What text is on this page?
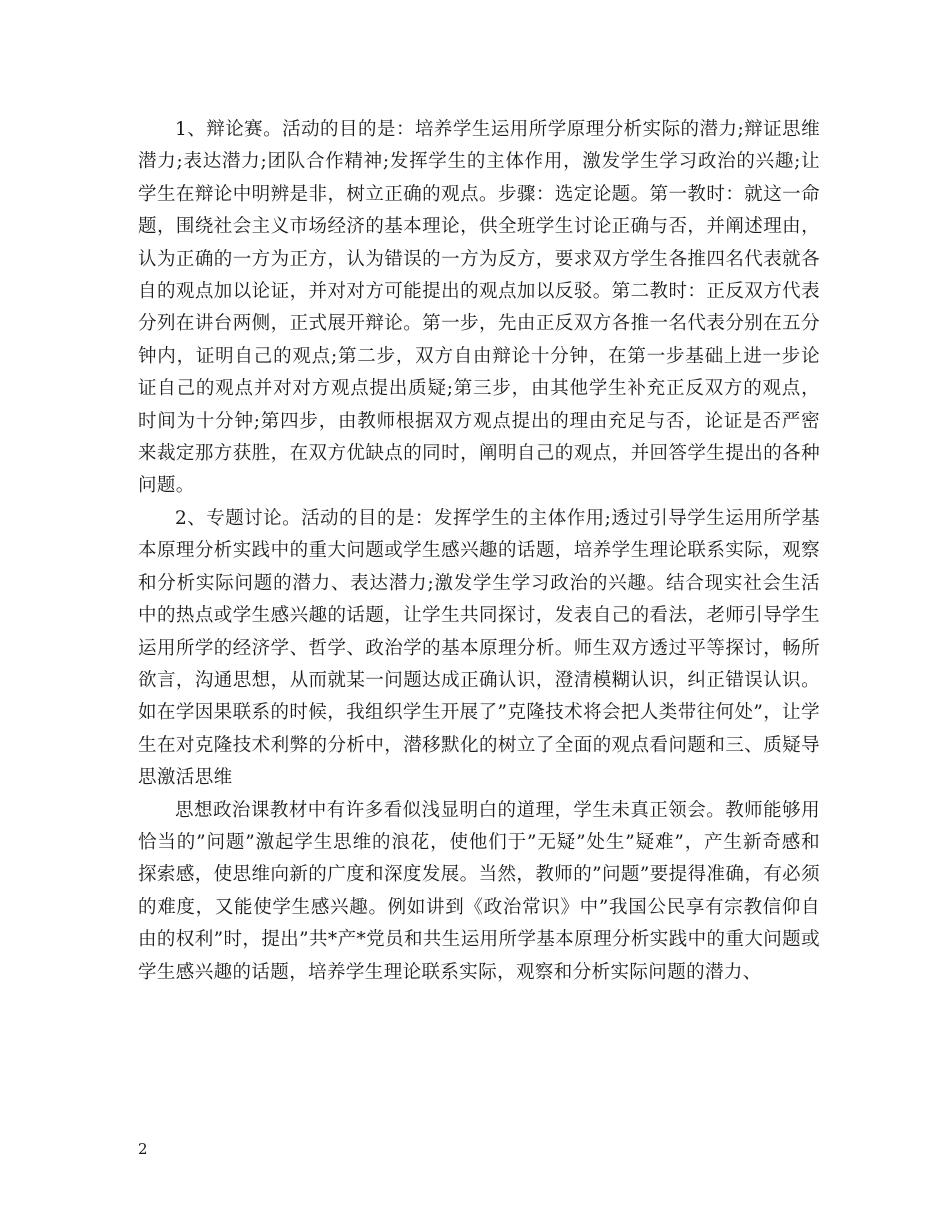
1、辩论赛。活动的目的是：培养学生运用所学原理分析实际的潜力;辩证思维潜力;表达潜力;团队合作精神;发挥学生的主体作用，激发学生学习政治的兴趣;让学生在辩论中明辨是非，树立正确的观点。步骤：选定论题。第一教时：就这一命题，围绕社会主义市场经济的基本理论，供全班学生讨论正确与否，并阐述理由，认为正确的一方为正方，认为错误的一方为反方，要求双方学生各推四名代表就各自的观点加以论证，并对对方可能提出的观点加以反驳。第二教时：正反双方代表分列在讲台两侧，正式展开辩论。第一步，先由正反双方各推一名代表分别在五分钟内，证明自己的观点;第二步，双方自由辩论十分钟，在第一步基础上进一步论证自己的观点并对对方观点提出质疑;第三步，由其他学生补充正反双方的观点，时间为十分钟;第四步，由教师根据双方观点提出的理由充足与否，论证是否严密来裁定那方获胜，在双方优缺点的同时，阐明自己的观点，并回答学生提出的各种问题。

2、专题讨论。活动的目的是：发挥学生的主体作用;透过引导学生运用所学基本原理分析实践中的重大问题或学生感兴趣的话题，培养学生理论联系实际，观察和分析实际问题的潜力、表达潜力;激发学生学习政治的兴趣。结合现实社会生活中的热点或学生感兴趣的话题，让学生共同探讨，发表自己的看法，老师引导学生运用所学的经济学、哲学、政治学的基本原理分析。师生双方透过平等探讨，畅所欲言，沟通思想，从而就某一问题达成正确认识，澄清模糊认识，纠正错误认识。如在学因果联系的时候，我组织学生开展了”克隆技术将会把人类带往何处”，让学生在对克隆技术利弊的分析中，潜移默化的树立了全面的观点看问题和三、质疑导思激活思维

思想政治课教材中有许多看似浅显明白的道理，学生未真正领会。教师能够用恰当的”问题”激起学生思维的浪花，使他们于”无疑”处生”疑难”，产生新奇感和探索感，使思维向新的广度和深度发展。当然，教师的”问题”要提得准确，有必须的难度，又能使学生感兴趣。例如讲到《政治常识》中”我国公民享有宗教信仰自由的权利”时，提出”共*产*党员和共生运用所学基本原理分析实践中的重大问题或学生感兴趣的话题，培养学生理论联系实际，观察和分析实际问题的潜力、

2
